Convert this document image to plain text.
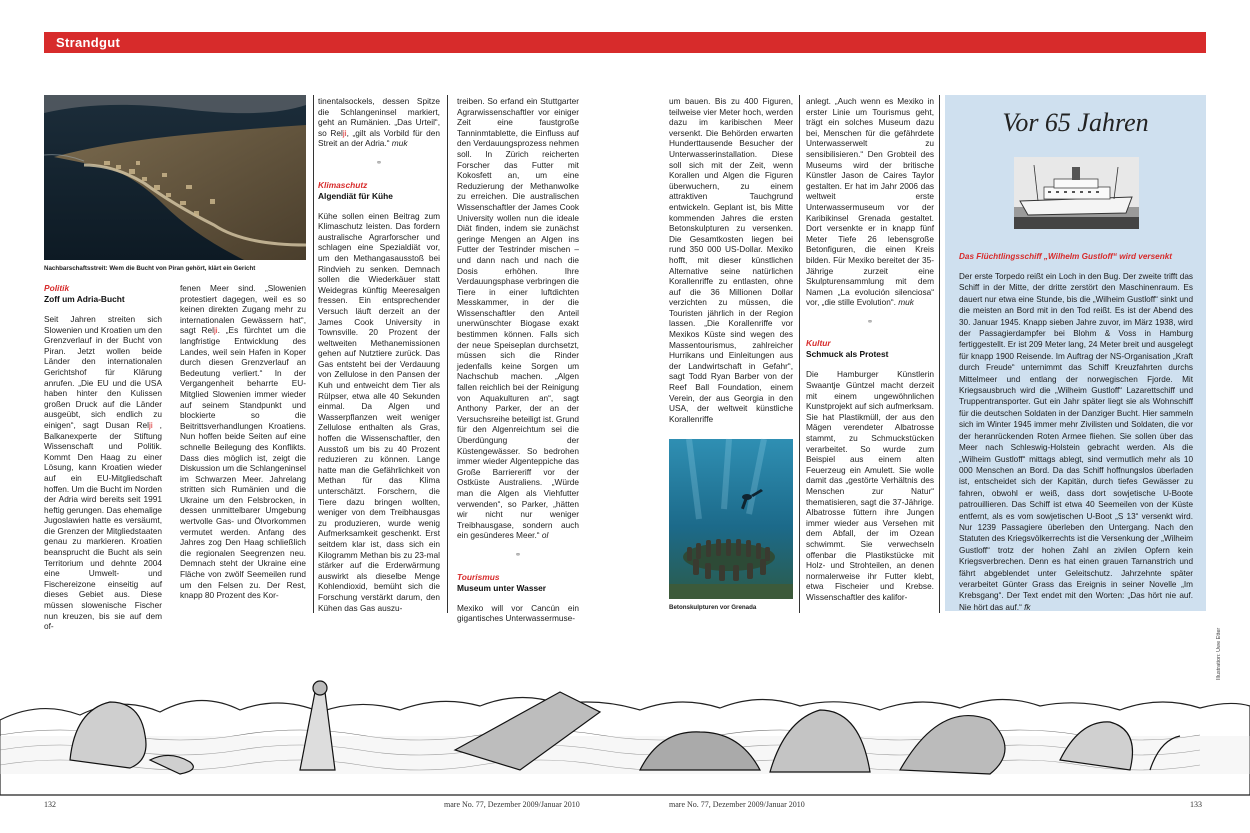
Strandgut
Nachbarschaftsstreit: Wem die Bucht von Piran gehört, klärt ein Gericht
Politik
Zoff um Adria-Bucht

Seit Jahren streiten sich Slowenien und Kroatien um den Grenzverlauf in der Bucht von Piran. Jetzt wollen beide Länder den internationalen Gerichtshof für Klärung anrufen. „Die EU und die USA haben hinter den Kulissen großen Druck auf die Länder ausgeübt, sich endlich zu einigen“, sagt Dusan Relji , Balkanexperte der Stiftung Wissenschaft und Politik. Kommt Den Haag zu einer Lösung, kann Kroatien wieder auf ein EU-Mitgliedschaft hoffen. Um die Bucht im Norden der Adria wird bereits seit 1991 heftig gerungen. Das ehemalige Jugoslawien hatte es versäumt, die Grenzen der Mitgliedstaaten genau zu markieren. Kroatien beansprucht die Bucht als sein Territorium und dehnte 2004 eine Umwelt- und Fischereizone einseitig auf dieses Gebiet aus. Diese müssen slowenische Fischer nun kreuzen, bis sie auf dem of-

fenen Meer sind. „Slowenien protestiert dagegen, weil es so keinen direkten Zugang mehr zu internationalen Gewässern hat“, sagt Relji. „Es fürchtet um die langfristige Entwicklung des Landes, weil sein Hafen in Koper durch diesen Grenzverlauf an Bedeutung verliert.“ In der Vergangenheit beharrte EU-Mitglied Slowenien immer wieder auf seinem Standpunkt und blockierte so die Beitrittsverhandlungen Kroatiens. Nun hoffen beide Seiten auf eine schnelle Beilegung des Konflikts. Dass dies möglich ist, zeigt die Diskussion um die Schlangeninsel im Schwarzen Meer. Jahrelang stritten sich Rumänien und die Ukraine um den Felsbrocken, in dessen unmittelbarer Umgebung wertvolle Gas- und Ölvorkommen vermutet werden. Anfang des Jahres zog Den Haag schließlich die regionalen Seegrenzen neu. Demnach steht der Ukraine eine Fläche von zwölf Seemeilen rund um den Felsen zu. Der Rest, knapp 80 Prozent des Kor-

tinentalsockels, dessen Spitze die Schlangeninsel markiert, geht an Rumänien. „Das Urteil“, so Relji, „gilt als Vorbild für den Streit an der Adria.“ muk

⚭
Klimaschutz
Algendiät für Kühe

Kühe sollen einen Beitrag zum Klimaschutz leisten. Das fordern australische Agrarforscher und schlagen eine Spezialdiät vor, um den Methangasausstoß bei Rindvieh zu senken. Demnach sollen die Wiederkäuer statt Weidegras künftig Meeresalgen fressen. Ein entsprechender Versuch läuft derzeit an der James Cook University in Townsville. 20 Prozent der weltweiten Methanemissionen gehen auf Nutztiere zurück. Das Gas entsteht bei der Verdauung von Zellulose in den Pansen der Kuh und entweicht dem Tier als Rülpser, etwa alle 40 Sekunden einmal. Da Algen und Wasserpflanzen weit weniger Zellulose enthalten als Gras, hoffen die Wissenschaftler, den Ausstoß um bis zu 40 Prozent reduzieren zu können. Lange hatte man die Gefährlichkeit von Methan für das Klima unterschätzt. Forschern, die Tiere dazu bringen wollten, weniger von dem Treibhausgas zu produzieren, wurde wenig Aufmerksamkeit geschenkt. Erst seitdem klar ist, dass sich ein Kilogramm Methan bis zu 23-mal stärker auf die Erderwärmung auswirkt als dieselbe Menge Kohlendioxid, bemüht sich die Forschung verstärkt darum, den Kühen das Gas auszu-

treiben. So erfand ein Stuttgarter Agrarwissenschaftler vor einiger Zeit eine faustgroße Tanninmtablette, die Einfluss auf den Verdauungsprozess nehmen soll. In Zürich reicherten Forscher das Futter mit Kokosfett an, um eine Reduzierung der Methanwolke zu erreichen. Die australischen Wissenschaftler der James Cook University wollen nun die ideale Diät finden, indem sie zunächst geringe Mengen an Algen ins Futter der Testrinder mischen – und dann nach und nach die Dosis erhöhen. Ihre Verdauungsphase verbringen die Tiere in einer luftdichten Messkammer, in der die Wissenschaftler den Anteil unerwünschter Biogase exakt bestimmen können. Falls sich der neue Speiseplan durchsetzt, müssen sich die Rinder jedenfalls keine Sorgen um Nachschub machen. „Algen fallen reichlich bei der Reinigung von Aquakulturen an“, sagt Anthony Parker, der an der Versuchsreihe beteiligt ist. Grund für den Algenreichtum sei die Überdüngung der Küstengewässer. So bedrohen immer wieder Algenteppiche das Große Barriereriff vor der Ostküste Australiens. „Würde man die Algen als Viehfutter verwenden“, so Parker, „hätten wir nicht nur weniger Treibhausgase, sondern auch ein gesünderes Meer.“ ol

⚭
Tourismus
Museum unter Wasser

Mexiko will vor Cancún ein gigantisches Unterwassermuse-

um bauen. Bis zu 400 Figuren, teilweise vier Meter hoch, werden dazu im karibischen Meer versenkt. Die Behörden erwarten Hunderttausende Besucher der Unterwasserinstallation. Diese soll sich mit der Zeit, wenn Korallen und Algen die Figuren überwuchern, zu einem attraktiven Tauchgrund entwickeln. Geplant ist, bis Mitte kommenden Jahres die ersten Betonskulpturen zu versenken. Die Gesamtkosten liegen bei rund 350 000 US-Dollar. Mexiko hofft, mit dieser künstlichen Alternative seine natürlichen Korallenriffe zu entlasten, ohne auf die 36 Millionen Dollar verzichten zu müssen, die Touristen jährlich in der Region lassen. „Die Korallenriffe vor Mexikos Küste sind wegen des Massentourismus, zahlreicher Hurrikans und Einleitungen aus der Landwirtschaft in Gefahr“, sagt Todd Ryan Barber von der Reef Ball Foundation, einem Verein, der aus Georgia in den USA, der weltweit künstliche Korallenriffe

Betonskulpturen vor Grenada

anlegt. „Auch wenn es Mexiko in erster Linie um Tourismus geht, trägt ein solches Museum dazu bei, Menschen für die gefährdete Unterwasserwelt zu sensibilisieren.“ Den Grobteil des Museums wird der britische Künstler Jason de Caires Taylor gestalten. Er hat im Jahr 2006 das weltweit erste Unterwassermuseum vor der Karibikinsel Grenada gestaltet. Dort versenkte er in knapp fünf Meter Tiefe 26 lebensgroße Betonfiguren, die einen Kreis bilden. Für Mexiko bereitet der 35-Jährige zurzeit eine Skulpturensammlung mit dem Namen „La evolución silenciosa“ vor, „die stille Evolution“. muk

⚭
Kultur
Schmuck als Protest

Die Hamburger Künstlerin Swaantje Güntzel macht derzeit mit einem ungewöhnlichen Kunstprojekt auf sich aufmerksam. Sie hat Plastikmüll, der aus den Mägen verendeter Albatrosse stammt, zu Schmuckstücken verarbeitet. So wurde zum Beispiel aus einem alten Feuerzeug ein Amulett. Sie wolle damit das „gestörte Verhältnis des Menschen zur Natur“ thematisieren, sagt die 37-Jährige. Albatrosse füttern ihre Jungen immer wieder aus Versehen mit dem Abfall, der im Ozean schwimmt. Sie verwechseln offenbar die Plastikstücke mit Holz- und Strohteilen, an denen normalerweise ihr Futter klebt, etwa Fischeier und Krebse. Wissenschaftler des kalifor-

Vor 65 Jahren
Das Flüchtlingsschiff „Wilhelm Gustloff“ wird versenkt
Der erste Torpedo reißt ein Loch in den Bug. Der zweite trifft das Schiff in der Mitte, der dritte zerstört den Maschinenraum. Es dauert nur etwa eine Stunde, bis die „Wilheim Gustloff“ sinkt und die meisten an Bord mit in den Tod reißt. Es ist der Abend des 30. Januar 1945. Knapp sieben Jahre zuvor, im März 1938, wird der Passagierdampfer bei Blohm & Voss in Hamburg fertiggestellt. Er ist 209 Meter lang, 24 Meter breit und ausgelegt für knapp 1900 Reisende. Im Auftrag der NS-Organisation „Kraft durch Freude“ unternimmt das Schiff Kreuzfahrten durchs Mittelmeer und entlang der norwegischen Fjorde. Mit Kriegsausbruch wird die „Wilheim Gustloff“ Lazarettschiff und Truppentransporter. Gut ein Jahr später liegt sie als Wohnschiff für die deutschen Soldaten in der Danziger Bucht. Hier sammeln sich im Winter 1945 immer mehr Zivilisten und Soldaten, die vor der heranrückenden Roten Armee fliehen. Sie sollen über das Meer nach Schleswig-Holstein gebracht werden. Als die „Wilheim Gustloff“ mittags ablegt, sind vermutlich mehr als 10 000 Menschen an Bord. Da das Schiff hoffnungslos überladen ist, entscheidet sich der Kapitän, durch tiefes Gewässer zu fahren, obwohl er weiß, dass dort sowjetische U-Boote patrouillieren. Das Schiff ist etwa 40 Seemeilen von der Küste entfernt, als es vom sowjetischen U-Boot „S 13“ versenkt wird. Nur 1239 Passagiere überleben den Untergang. Nach den Statuten des Kriegsvölkerrechts ist die Versenkung der „Wilheim Gustloff“ trotz der hohen Zahl an zivilen Opfern kein Kriegsverbrechen. Denn es hat einen grauen Tarnanstrich und fährt abgeblendet unter Geleitschutz. Jahrzehnte später verarbeitet Günter Grass das Ereignis in seiner Novelle „Im Krebsgang“. Der Text endet mit den Worten: „Das hört nie auf. Nie hört das auf.“ fk
132	mare No. 77, Dezember 2009/Januar 2010	mare No. 77, Dezember 2009/Januar 2010	133
Illustration: Uwe Etter
